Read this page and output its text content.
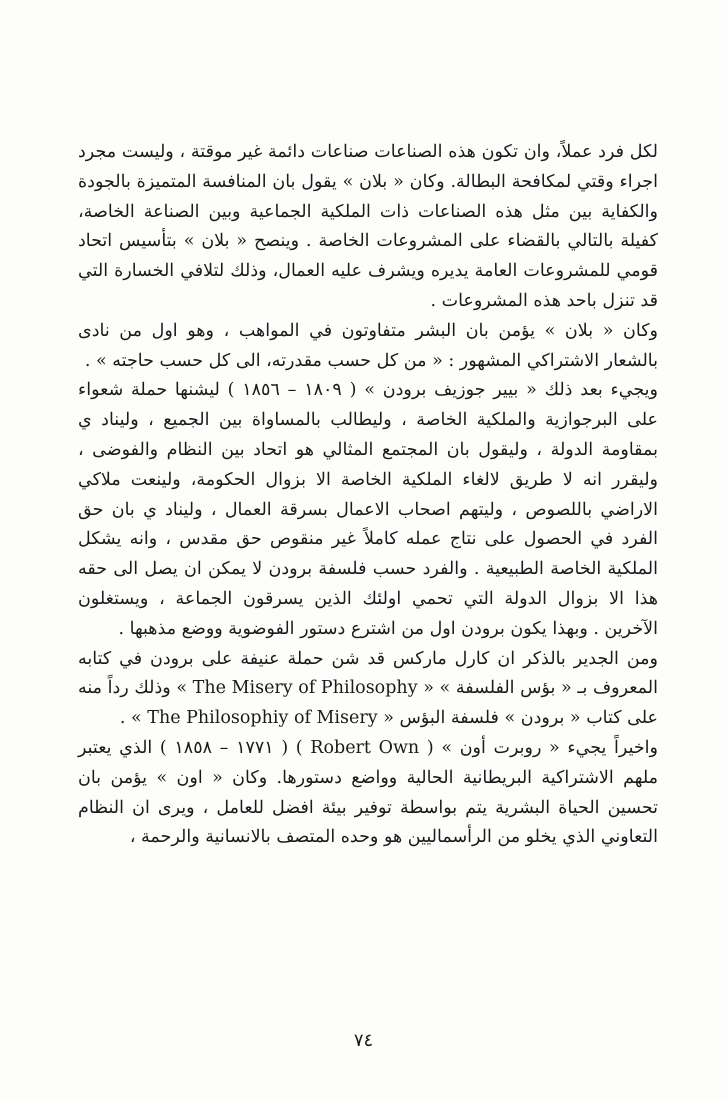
لكل فرد عملاً، وان تكون هذه الصناعات صناعات دائمة غير موقتة ، وليست مجرد اجراء وقتي لمكافحة البطالة. وكان « بلان » يقول بان المنافسة المتميزة بالجودة والكفاية بين مثل هذه الصناعات ذات الملكية الجماعية وبين الصناعة الخاصة، كفيلة بالتالي بالقضاء على المشروعات الخاصة . وينصح « بلان » بتأسيس اتحاد قومي للمشروعات العامة يديره ويشرف عليه العمال، وذلك لتلافي الخسارة التي قد تنزل باحد هذه المشروعات .

وكان « بلان » يؤمن بان البشر متفاوتون في المواهب ، وهو اول من نادى بالشعار الاشتراكي المشهور : « من كل حسب مقدرته، الى كل حسب حاجته » .

ويجيء بعد ذلك « بيير جوزيف برودن » ( ١٨٠٩ – ١٨٥٦ ) ليشنها حملة شعواء على البرجوازية والملكية الخاصة ، وليطالب بالمساواة بين الجميع ، وليناد ي بمقاومة الدولة ، وليقول بان المجتمع المثالي هو اتحاد بين النظام والفوضى ، وليقرر انه لا طريق لالغاء الملكية الخاصة الا بزوال الحكومة، ولينعت ملاكي الاراضي باللصوص ، وليتهم اصحاب الاعمال بسرقة العمال ، وليناد ي بان حق الفرد في الحصول على نتاج عمله كاملاً غير منقوص حق مقدس ، وانه يشكل الملكية الخاصة الطبيعية . والفرد حسب فلسفة برودن لا يمكن ان يصل الى حقه هذا الا بزوال الدولة التي تحمي اولئك الذين يسرقون الجماعة ، ويستغلون الآخرين . وبهذا يكون برودن اول من اشترع دستور الفوضوية ووضع مذهبها .

ومن الجدير بالذكر ان كارل ماركس قد شن حملة عنيفة على برودن في كتابه المعروف بـ « بؤس الفلسفة » « The Misery of Philosophy » وذلك رداً منه على كتاب « برودن » فلسفة البؤس « The Philosophiy of Misery » .

واخيراً يجيء « روبرت أون » ( Robert Own ) ( ١٧٧١ – ١٨٥٨ ) الذي يعتبر ملهم الاشتراكية البريطانية الحالية وواضع دستورها. وكان « اون » يؤمن بان تحسين الحياة البشرية يتم بواسطة توفير بيئة افضل للعامل ، ويرى ان النظام التعاوني الذي يخلو من الرأسماليين هو وحده المتصف بالانسانية والرحمة ،

٧٤
